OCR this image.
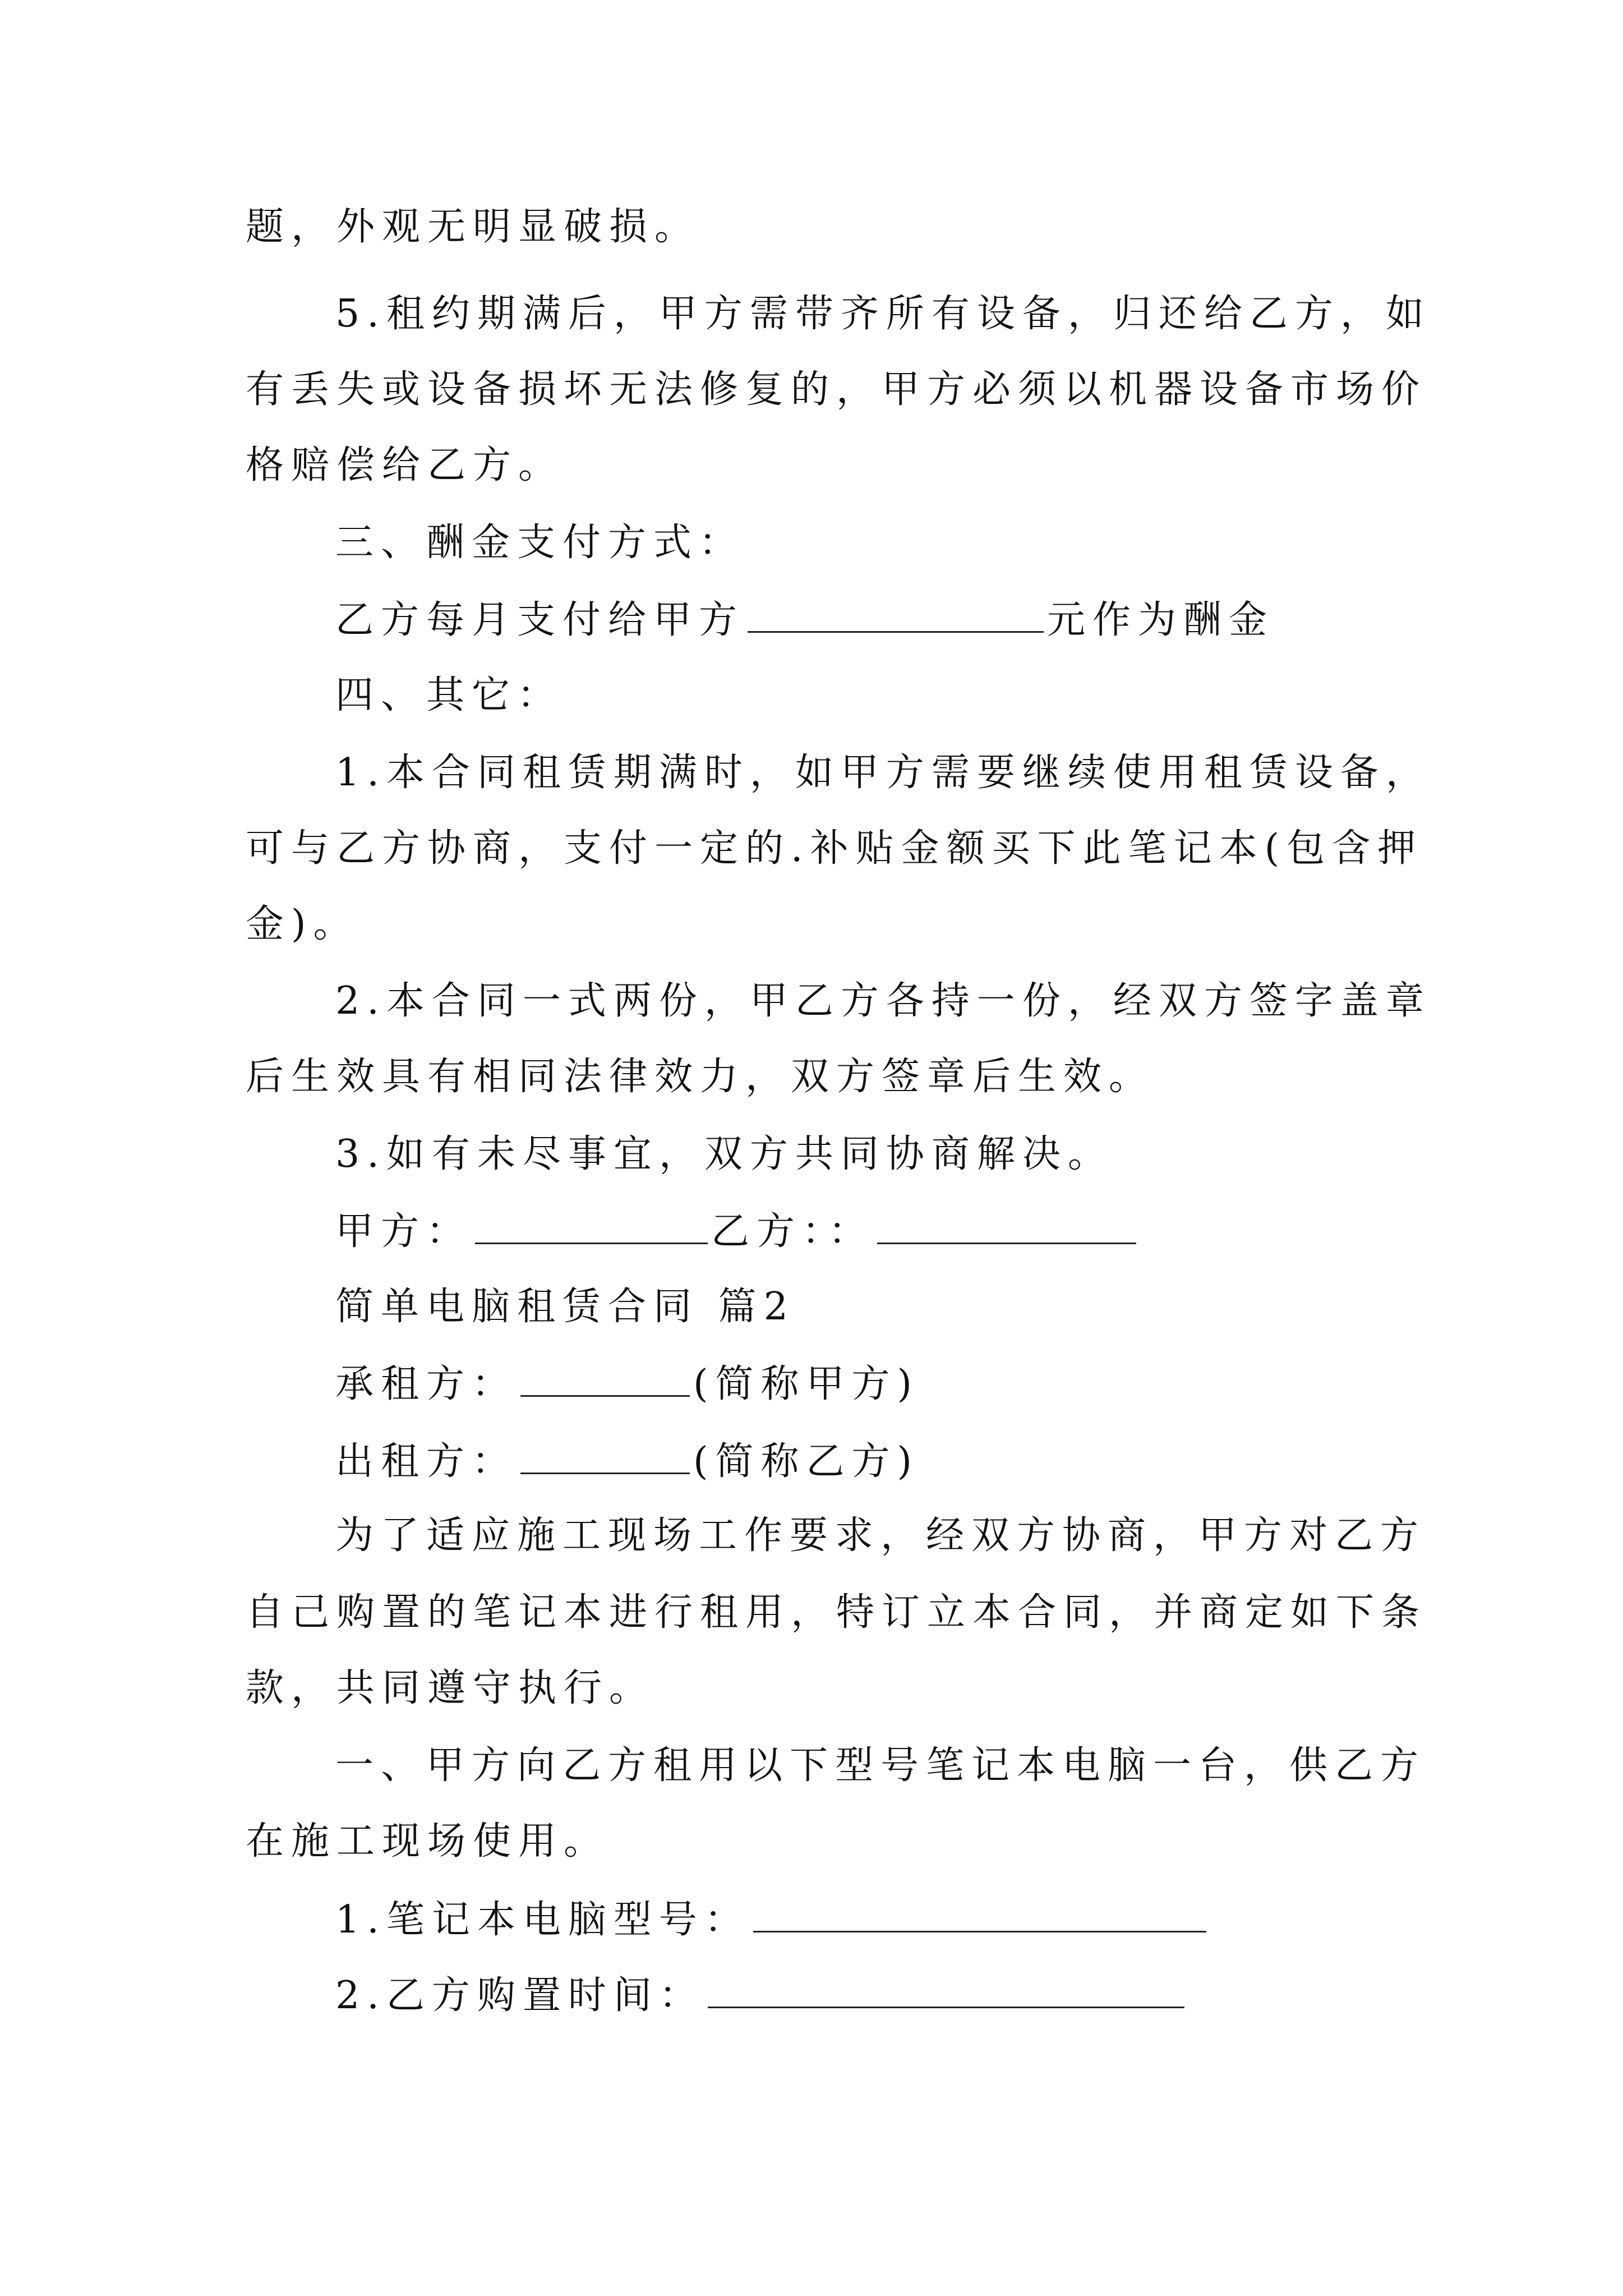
题，外观无明显破损。
5.租约期满后，甲方需带齐所有设备，归还给乙方，如
有丢失或设备损坏无法修复的，甲方必须以机器设备市场价
格赔偿给乙方。
三、酬金支付方式：
乙方每月支付给甲方	元作为酬金
四、其它：
1.本合同租赁期满时，如甲方需要继续使用租赁设备，
可与乙方协商，支付一定的.补贴金额买下此笔记本(包含押
金)。
2.本合同一式两份，甲乙方各持一份，经双方签字盖章
后生效具有相同法律效力，双方签章后生效。
3.如有未尽事宜，双方共同协商解决。
甲方：	乙方：：
简单电脑租赁合同 篇2
承租方：	(简称甲方)
出租方：	(简称乙方)
为了适应施工现场工作要求，经双方协商，甲方对乙方
自己购置的笔记本进行租用，特订立本合同，并商定如下条
款，共同遵守执行。
一、甲方向乙方租用以下型号笔记本电脑一台，供乙方
在施工现场使用。
1.笔记本电脑型号：
2.乙方购置时间：
